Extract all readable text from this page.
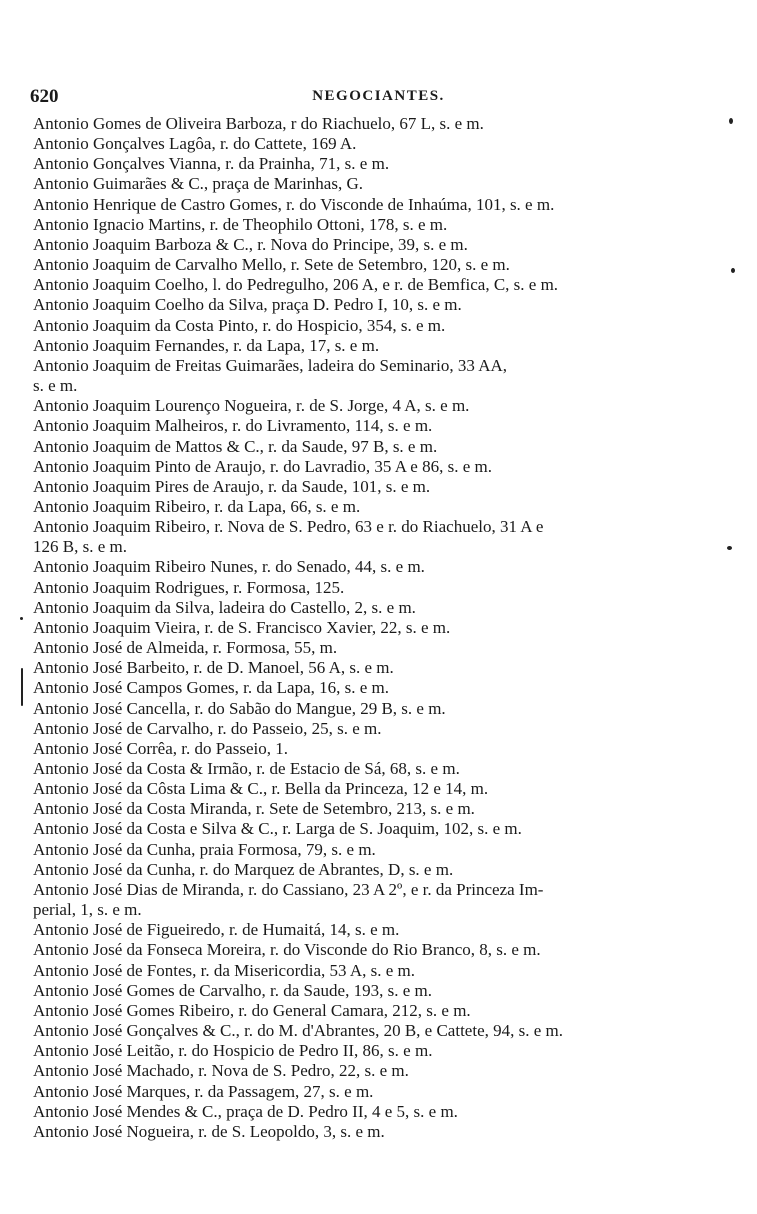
620	NEGOCIANTES.
Antonio Gomes de Oliveira Barboza, r do Riachuelo, 67 L, s. e m.
Antonio Gonçalves Lagôa, r. do Cattete, 169 A.
Antonio Gonçalves Vianna, r. da Prainha, 71, s. e m.
Antonio Guimarães & C., praça de Marinhas, G.
Antonio Henrique de Castro Gomes, r. do Visconde de Inhaúma, 101, s. e m.
Antonio Ignacio Martins, r. de Theophilo Ottoni, 178, s. e m.
Antonio Joaquim Barboza & C., r. Nova do Principe, 39, s. e m.
Antonio Joaquim de Carvalho Mello, r. Sete de Setembro, 120, s. e m.
Antonio Joaquim Coelho, l. do Pedregulho, 206 A, e r. de Bemfica, C, s. e m.
Antonio Joaquim Coelho da Silva, praça D. Pedro I, 10, s. e m.
Antonio Joaquim da Costa Pinto, r. do Hospicio, 354, s. e m.
Antonio Joaquim Fernandes, r. da Lapa, 17, s. e m.
Antonio Joaquim de Freitas Guimarães, ladeira do Seminario, 33 AA,
s. e m.
Antonio Joaquim Lourenço Nogueira, r. de S. Jorge, 4 A, s. e m.
Antonio Joaquim Malheiros, r. do Livramento, 114, s. e m.
Antonio Joaquim de Mattos & C., r. da Saude, 97 B, s. e m.
Antonio Joaquim Pinto de Araujo, r. do Lavradio, 35 A e 86, s. e m.
Antonio Joaquim Pires de Araujo, r. da Saude, 101, s. e m.
Antonio Joaquim Ribeiro, r. da Lapa, 66, s. e m.
Antonio Joaquim Ribeiro, r. Nova de S. Pedro, 63 e r. do Riachuelo, 31 A e
126 B, s. e m.
Antonio Joaquim Ribeiro Nunes, r. do Senado, 44, s. e m.
Antonio Joaquim Rodrigues, r. Formosa, 125.
Antonio Joaquim da Silva, ladeira do Castello, 2, s. e m.
Antonio Joaquim Vieira, r. de S. Francisco Xavier, 22, s. e m.
Antonio José de Almeida, r. Formosa, 55, m.
Antonio José Barbeito, r. de D. Manoel, 56 A, s. e m.
Antonio José Campos Gomes, r. da Lapa, 16, s. e m.
Antonio José Cancella, r. do Sabão do Mangue, 29 B, s. e m.
Antonio José de Carvalho, r. do Passeio, 25, s. e m.
Antonio José Corrêa, r. do Passeio, 1.
Antonio José da Costa & Irmão, r. de Estacio de Sá, 68, s. e m.
Antonio José da Côsta Lima & C., r. Bella da Princeza, 12 e 14, m.
Antonio José da Costa Miranda, r. Sete de Setembro, 213, s. e m.
Antonio José da Costa e Silva & C., r. Larga de S. Joaquim, 102, s. e m.
Antonio José da Cunha, praia Formosa, 79, s. e m.
Antonio José da Cunha, r. do Marquez de Abrantes, D, s. e m.
Antonio José Dias de Miranda, r. do Cassiano, 23 A 2º, e r. da Princeza Im-
perial, 1, s. e m.
Antonio José de Figueiredo, r. de Humaitá, 14, s. e m.
Antonio José da Fonseca Moreira, r. do Visconde do Rio Branco, 8, s. e m.
Antonio José de Fontes, r. da Misericordia, 53 A, s. e m.
Antonio José Gomes de Carvalho, r. da Saude, 193, s. e m.
Antonio José Gomes Ribeiro, r. do General Camara, 212, s. e m.
Antonio José Gonçalves & C., r. do M. d'Abrantes, 20 B, e Cattete, 94, s. e m.
Antonio José Leitão, r. do Hospicio de Pedro II, 86, s. e m.
Antonio José Machado, r. Nova de S. Pedro, 22, s. e m.
Antonio José Marques, r. da Passagem, 27, s. e m.
Antonio José Mendes & C., praça de D. Pedro II, 4 e 5, s. e m.
Antonio José Nogueira, r. de S. Leopoldo, 3, s. e m.
